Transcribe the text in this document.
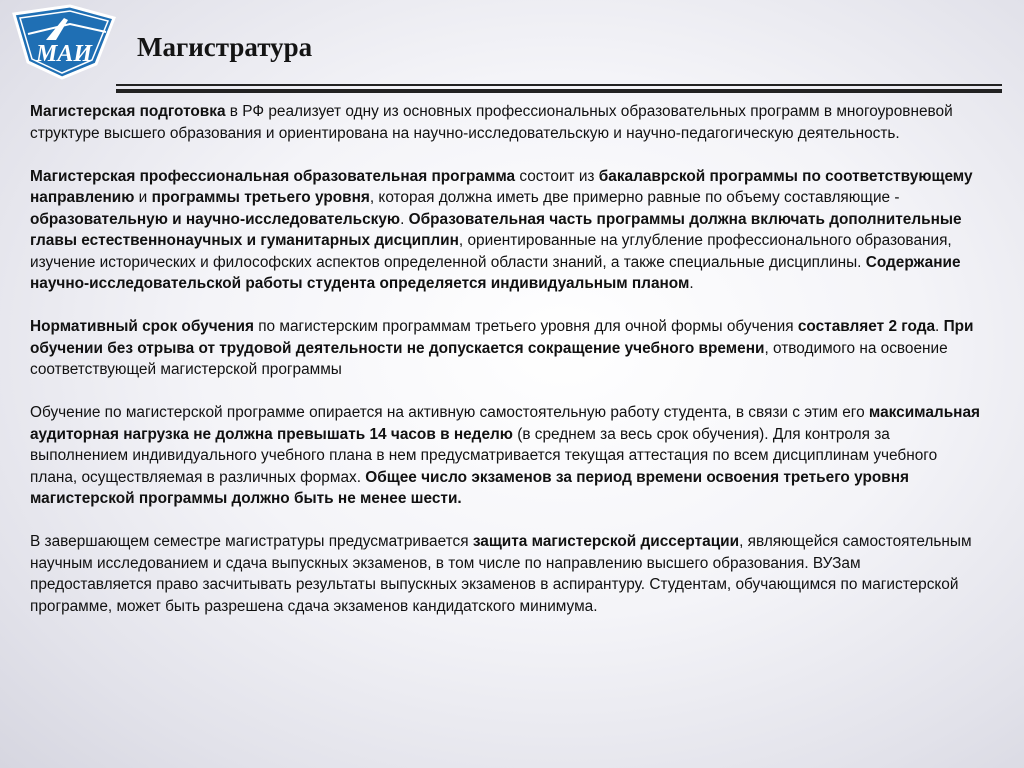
МАИ Магистратура

Магистерская подготовка в РФ реализует одну из основных профессиональных образовательных программ в многоуровневой структуре высшего образования и ориентирована на научно-исследовательскую и научно-педагогическую деятельность.

Магистерская профессиональная образовательная программа состоит из бакалаврской программы по соответствующему направлению и программы третьего уровня, которая должна иметь две примерно равные по объему составляющие - образовательную и научно-исследовательскую. Образовательная часть программы должна включать дополнительные главы естественнонаучных и гуманитарных дисциплин, ориентированные на углубление профессионального образования, изучение исторических и философских аспектов определенной области знаний, а также специальные дисциплины. Содержание научно-исследовательской работы студента определяется индивидуальным планом.

Нормативный срок обучения по магистерским программам третьего уровня для очной формы обучения составляет 2 года. При обучении без отрыва от трудовой деятельности не допускается сокращение учебного времени, отводимого на освоение соответствующей магистерской программы

Обучение по магистерской программе опирается на активную самостоятельную работу студента, в связи с этим его максимальная аудиторная нагрузка не должна превышать 14 часов в неделю (в среднем за весь срок обучения). Для контроля за выполнением индивидуального учебного плана в нем предусматривается текущая аттестация по всем дисциплинам учебного плана, осуществляемая в различных формах. Общее число экзаменов за период времени освоения третьего уровня магистерской программы должно быть не менее шести.

В завершающем семестре магистратуры предусматривается защита магистерской диссертации, являющейся самостоятельным научным исследованием и сдача выпускных экзаменов, в том числе по направлению высшего образования. ВУЗам предоставляется право засчитывать результаты выпускных экзаменов в аспирантуру. Студентам, обучающимся по магистерской программе, может быть разрешена сдача экзаменов кандидатского минимума.
